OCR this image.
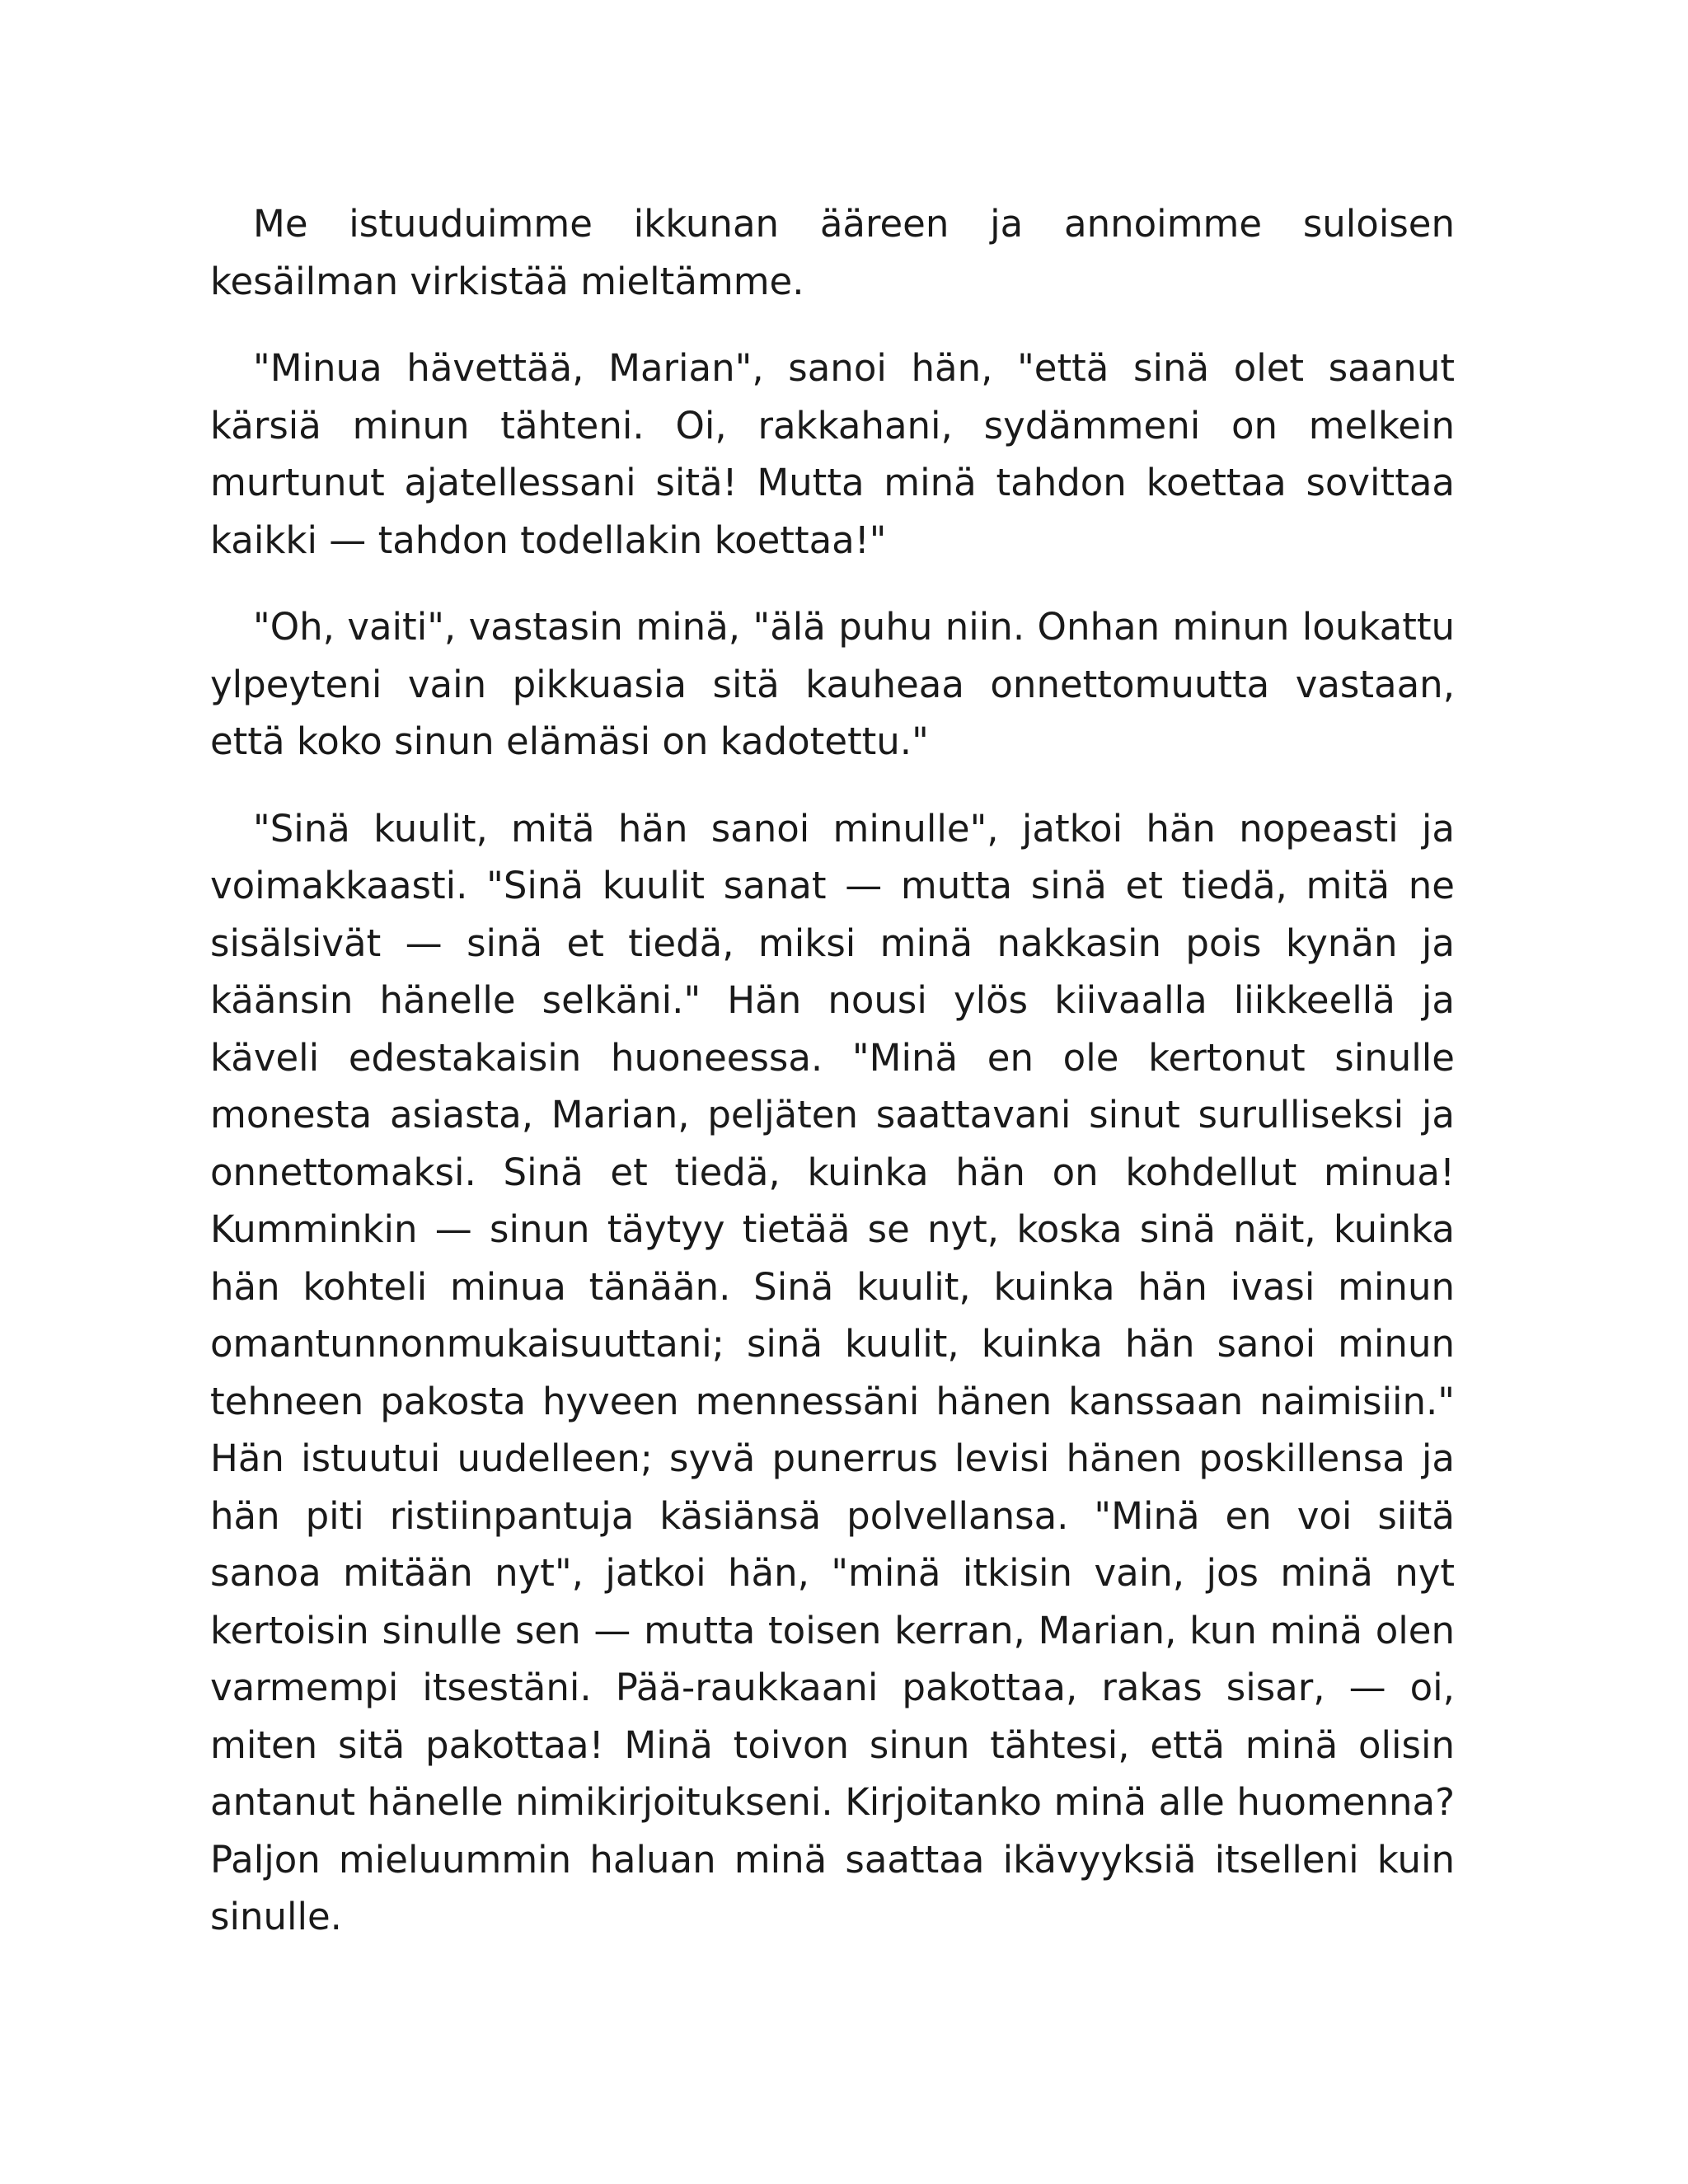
Me istuuduimme ikkunan ääreen ja annoimme suloisen kesäilman virkistää mieltämme.

"Minua hävettää, Marian", sanoi hän, "että sinä olet saanut kärsiä minun tähteni. Oi, rakkahani, sydämmeni on melkein murtunut ajatellessani sitä! Mutta minä tahdon koettaa sovittaa kaikki — tahdon todellakin koettaa!"

"Oh, vaiti", vastasin minä, "älä puhu niin. Onhan minun loukattu ylpeyteni vain pikkuasia sitä kauheaa onnettomuutta vastaan, että koko sinun elämäsi on kadotettu."

"Sinä kuulit, mitä hän sanoi minulle", jatkoi hän nopeasti ja voimakkaasti. "Sinä kuulit sanat — mutta sinä et tiedä, mitä ne sisälsivät — sinä et tiedä, miksi minä nakkasin pois kynän ja käänsin hänelle selkäni." Hän nousi ylös kiivaalla liikkeellä ja käveli edestakaisin huoneessa. "Minä en ole kertonut sinulle monesta asiasta, Marian, peljäten saattavani sinut surulliseksi ja onnettomaksi. Sinä et tiedä, kuinka hän on kohdellut minua! Kumminkin — sinun täytyy tietää se nyt, koska sinä näit, kuinka hän kohteli minua tänään. Sinä kuulit, kuinka hän ivasi minun omantunnonmukaisuuttani; sinä kuulit, kuinka hän sanoi minun tehneen pakosta hyveen mennessäni hänen kanssaan naimisiin." Hän istuutui uudelleen; syvä punerrus levisi hänen poskillensa ja hän piti ristiinpantuja käsiänsä polvellansa. "Minä en voi siitä sanoa mitään nyt", jatkoi hän, "minä itkisin vain, jos minä nyt kertoisin sinulle sen — mutta toisen kerran, Marian, kun minä olen varmempi itsestäni. Pää-raukkaani pakottaa, rakas sisar, — oi, miten sitä pakottaa! Minä toivon sinun tähtesi, että minä olisin antanut hänelle nimikirjoitukseni. Kirjoitanko minä alle huomenna? Paljon mieluummin haluan minä saattaa ikävyyksiä itselleni kuin sinulle.
